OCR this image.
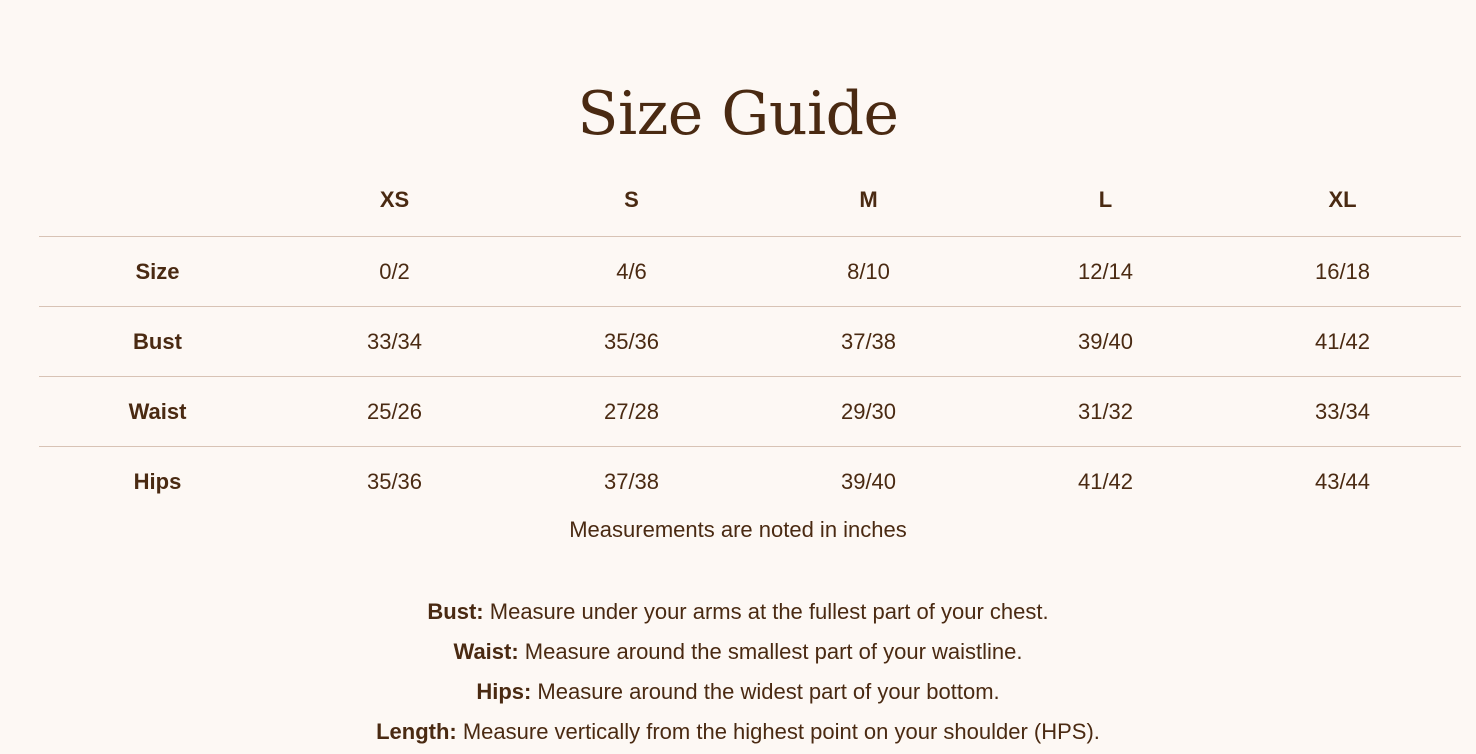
Size Guide
	XS	S	M	L	XL
Size	0/2	4/6	8/10	12/14	16/18
Bust	33/34	35/36	37/38	39/40	41/42
Waist	25/26	27/28	29/30	31/32	33/34
Hips	35/36	37/38	39/40	41/42	43/44
Measurements are noted in inches
Bust: Measure under your arms at the fullest part of your chest.
Waist: Measure around the smallest part of your waistline.
Hips: Measure around the widest part of your bottom.
Length: Measure vertically from the highest point on your shoulder (HPS).
